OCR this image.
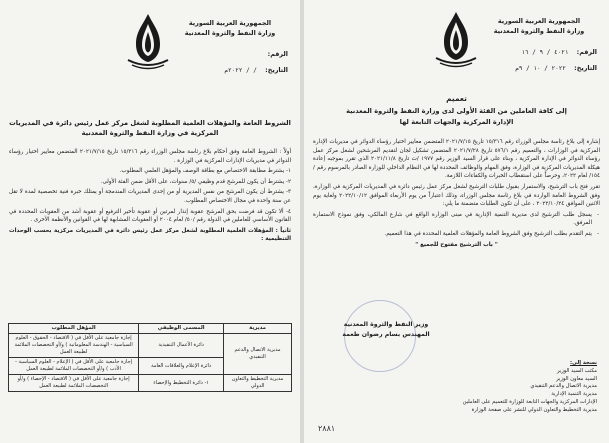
الجمهورية العربية السورية
وزارة النفط والثروة المعدنية
الرقم:
التاريخ: / / ٢٠٢٢م
الشروط العامة والمؤهلات العلمية المطلوبة لشغل مركز عمل رئيس دائرة في المديريات المركزية في وزارة النفط والثروة المعدنية

أولاً : الشروط العامة وفق أحكام بلاغ رئاسة مجلس الوزراء رقم ١٥/٣١٦ تاريخ ٢٠٢١/٧/١٥ المتضمن معايير اختيار رؤساء الدوائر في مديريات الإدارات المركزية في الوزارة .

١- يشترط مطابقة الاختصاص مع بطاقة الوصف والمؤهل العلمي المطلوب.

٢- يشترط أن يكون للمرشح قدم وظيفي /٥/ سنوات، على الأقل ضمن الفئة الأولى.

٣- يشترط أن يكون المرشح من نفس المديرية أو من إحدى المديريات المندمجة أو يمتلك خبرة فنية تخصصية لمدة لا تقل عن سنة واحدة في مجال الاختصاص المطلوب.

٤- ألا تكون قد فرضت بحق المرشح عقوبة إنذار لمرتين أو عقوبة تأخير الترفيع أو عقوبة أشد من العقوبات المحددة في القانون الأساسي للعاملين في الدولة رقم /٥٠/ لعام ٢٠٠٤ أو العقوبات المشابهة لها في القوانين والأنظمة الأخرى .

ثانياً : المؤهلات العلمية المطلوبة لشغل مركز عمل رئيس دائرة في المديريات مركزية بحسب الوحدات التنظيمية :

مديرية	المسمى الوظيفي	المؤهل المطلوب
مديرية الاتصال والدعم التنفيذي	دائرة الأعمال التنفيذية	إجازة جامعية على الأقل في ( الاقتصاد - الحقوق - العلوم السياسية - الهندسة المعلوماتية ) و/أو التخصصات الملائمة لطبيعة العمل
	دائرة الإعلام والعلاقات العامة	إجازة جامعية على الأقل في ( الإعلام - العلوم السياسية - الأدب ) و/أو التخصصات الملائمة لطبيعة العمل
مديرية التخطيط والتعاون الدولي	١- دائرة التخطيط والإحصاء	إجازة جامعية على الأقل في ( الاقتصاد - الإحصاء ) و/أو التخصصات الملائمة لطبيعة العمل
الجمهورية العربية السورية
وزارة النفط والثروة المعدنية
الرقم: ٤٠٢١ / ٩ / ١٦
التاريخ: ٢٠٢٢ / ١٠ / ٩م
تعميم
إلى كافة العاملين من الفئة الأولى لدى وزارة النفط والثروة المعدنية
الإدارة المركزية والجهات التابعة لها

إشارة إلى بلاغ رئاسة مجلس الوزراء رقم ١٥/٣١٦ تاريخ ٢٠٢١/٧/١٥ المتضمن معايير اختيار رؤساء الدوائر في مديريات الإدارة المركزية في الوزارات ، والتعميم رقم ٥٧٦/١ تاريخ ٢٠٢١/٧/٢٨ المتضمن تشكيل لجان لتقديم المرشحين لشغل مركز عمل رؤساء الدوائر في الإدارة المركزية ، وبناء على قرار السيد الوزير رقم ١٩٧٧ /ت تاريخ ٢٠٢١/١١/٨ الذي تقرر بموجبه إعادة هيكلة المديريات المركزية في الوزارة، وفق المهام والوظائف المحددة لها في النظام الداخلي للوزارة الصادر بالمرسوم رقم /١٥٤/ لعام ٢٠٢٢، وحرصاً على استقطاب الخبرات والكفاءات اللازمة.

تقرر فتح باب الترشيح، والاستمرار بقبول طلبات الترشيح لشغل مركز عمل رئيس دائرة في المديريات المركزية في الوزارة، وفق الشروط العامة الواردة في بلاغ رئاسة مجلس الوزراء، وذلك اعتباراً من يوم الأربعاء الموافق ٢٠٢٢/١٠/١٢ ولغاية يوم الاثنين الموافق ٢٠٢٢/١٠/٢٤ ، على أن تكون الطلبات متضمنة ما يلي:

- يسجل طلب الترشيح لدى مديرية التنمية الإدارية في مبنى الوزارة الواقع في شارع المالكي، وفق نموذج الاستمارة المرفق.

- يتم التقدم بطلب الترشيح وفق الشروط العامة والمؤهلات العلمية المحددة في هذا التعميم.

" باب الترشيح مفتوح للجميع "

وزير النفط والثروة المعدنية
المهندس بسام رضوان طعمة
نسخة إلى:
مكتب السيد الوزير
السيد معاون الوزير
مديرية الاتصال والدعم التنفيذي
مديرية التنمية الإدارية
الإدارات المركزية والجهات التابعة للوزارة للتعميم على العاملين
مديرية التخطيط والتعاون الدولي للنشر على صفحة الوزارة
٢٨٨١
